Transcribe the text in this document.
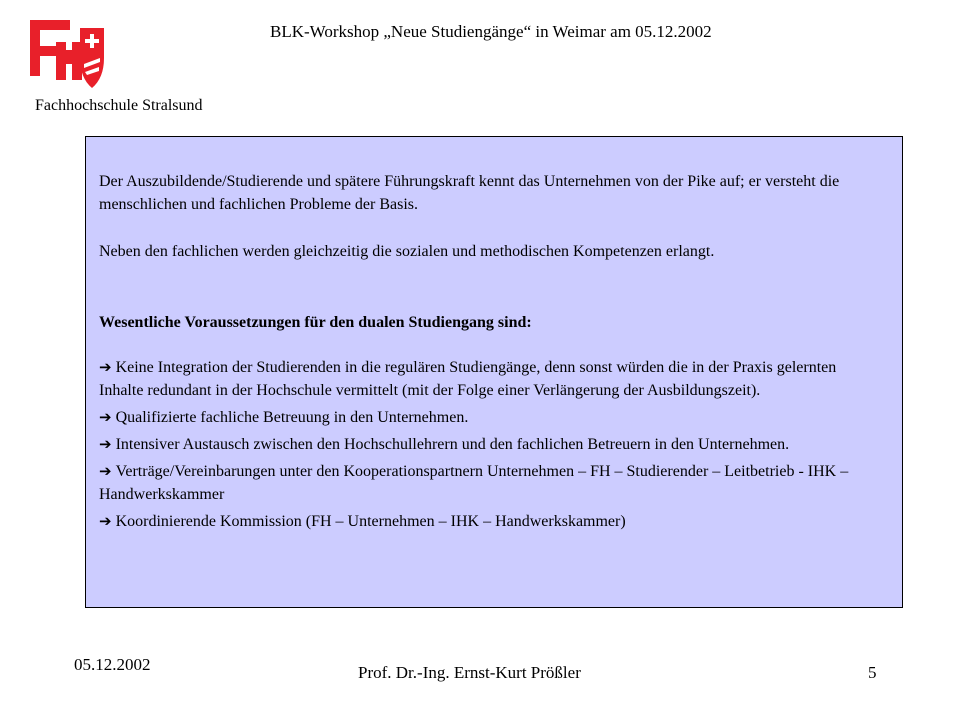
BLK-Workshop „Neue Studiengänge“ in Weimar am 05.12.2002
Fachhochschule Stralsund

Der Auszubildende/Studierende und spätere Führungskraft kennt das Unternehmen von der Pike auf; er versteht die menschlichen und fachlichen Probleme der Basis.

Neben den fachlichen werden gleichzeitig die sozialen und methodischen Kompetenzen erlangt.

Wesentliche Voraussetzungen für den dualen Studiengang sind:

➔ Keine Integration der Studierenden in die regulären Studiengänge, denn sonst würden die in der Praxis gelernten Inhalte redundant in der Hochschule vermittelt (mit der Folge einer Verlängerung der Ausbildungszeit).

➔ Qualifizierte fachliche Betreuung in den Unternehmen.

➔ Intensiver Austausch zwischen den Hochschullehrern und den fachlichen Betreuern in den Unternehmen.

➔ Verträge/Vereinbarungen unter den Kooperationspartnern Unternehmen – FH – Studierender – Leitbetrieb - IHK – Handwerkskammer

➔ Koordinierende Kommission (FH – Unternehmen – IHK – Handwerkskammer)

05.12.2002	Prof. Dr.-Ing. Ernst-Kurt Prößler	5
